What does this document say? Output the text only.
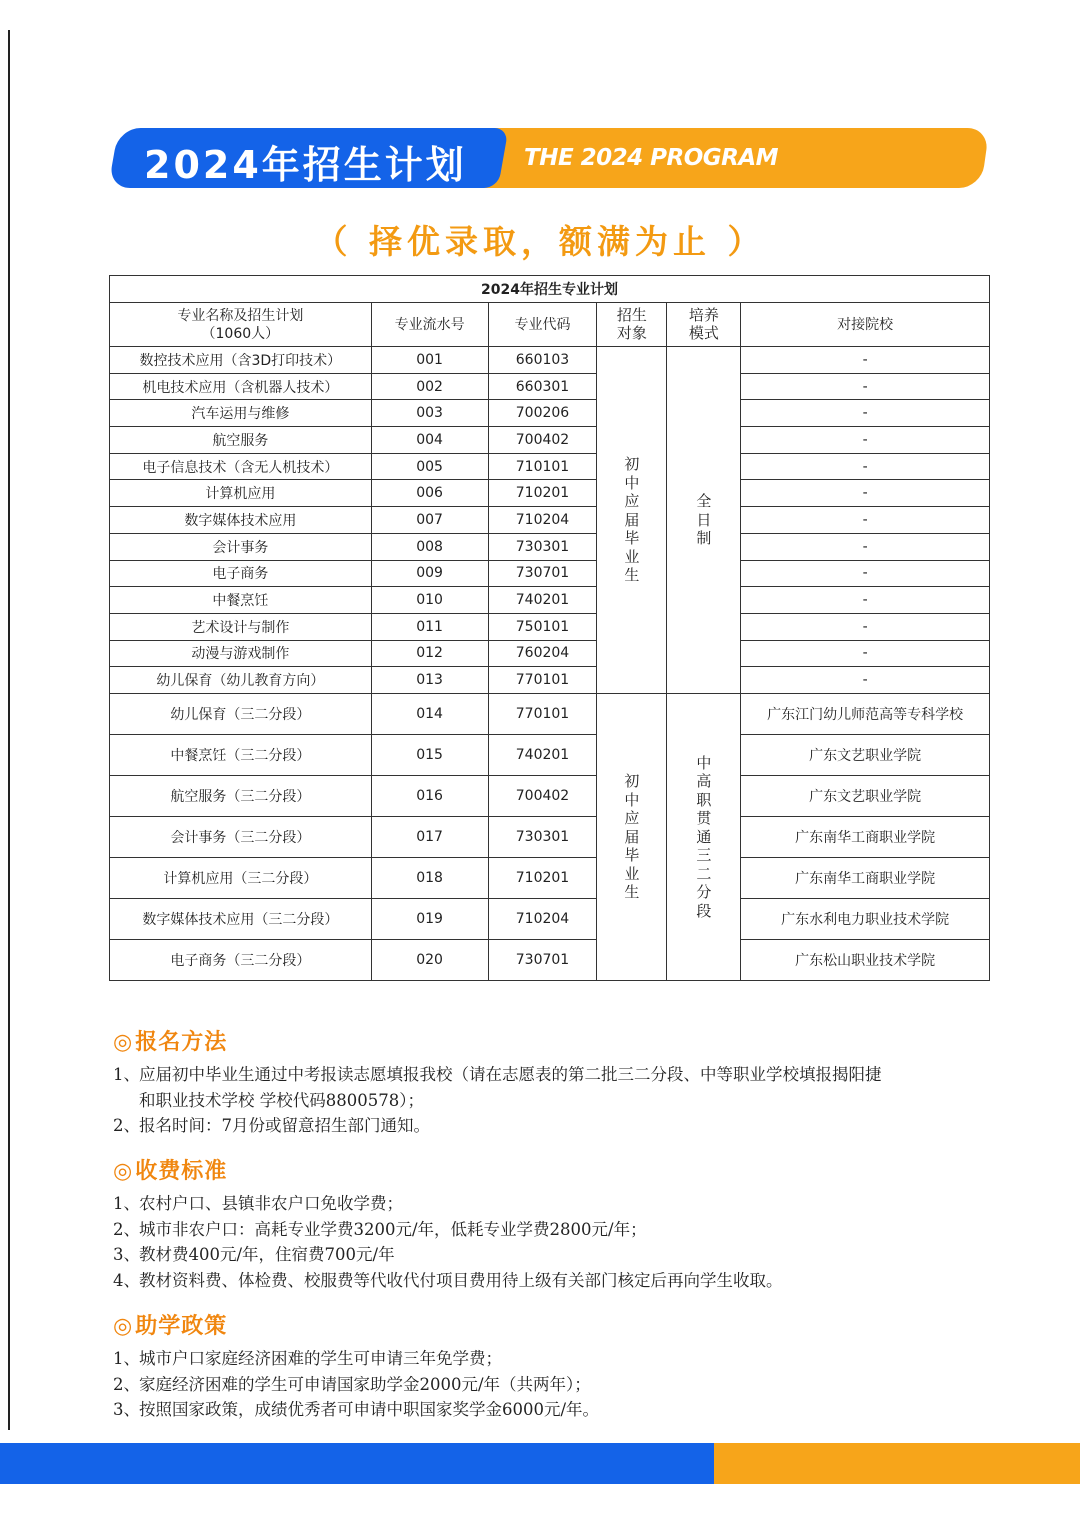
2024年招生计划 THE 2024 PROGRAM
（ 择优录取，额满为止 ）
2024年招生专业计划					
专业名称及招生计划
（1060人）	专业流水号	专业代码	招生对象	培养模式	对接院校
数控技术应用（含3D打印技术）	001	660103	初中应届毕业生	全日制	-
机电技术应用（含机器人技术）	002	660301			-
汽车运用与维修	003	700206			-
航空服务	004	700402			-
电子信息技术（含无人机技术）	005	710101			-
计算机应用	006	710201			-
数字媒体技术应用	007	710204			-
会计事务	008	730301			-
电子商务	009	730701			-
中餐烹饪	010	740201			-
艺术设计与制作	011	750101			-
动漫与游戏制作	012	760204			-
幼儿保育（幼儿教育方向）	013	770101			-
幼儿保育（三二分段）	014	770101	初中应届毕业生	中高职贯通三二分段	广东江门幼儿师范高等专科学校
中餐烹饪（三二分段）	015	740201			广东文艺职业学院
航空服务（三二分段）	016	700402			广东文艺职业学院
会计事务（三二分段）	017	730301			广东南华工商职业学院
计算机应用（三二分段）	018	710201			广东南华工商职业学院
数字媒体技术应用（三二分段）	019	710204			广东水利电力职业技术学院
电子商务（三二分段）	020	730701			广东松山职业技术学院
◎报名方法
1、应届初中毕业生通过中考报读志愿填报我校（请在志愿表的第二批三二分段、中等职业学校填报揭阳捷
和职业技术学校 学校代码8800578）；
2、报名时间：7月份或留意招生部门通知。
◎收费标准
1、农村户口、县镇非农户口免收学费；
2、城市非农户口：高耗专业学费3200元/年，低耗专业学费2800元/年；
3、教材费400元/年，住宿费700元/年
4、教材资料费、体检费、校服费等代收代付项目费用待上级有关部门核定后再向学生收取。
◎助学政策
1、城市户口家庭经济困难的学生可申请三年免学费；
2、家庭经济困难的学生可申请国家助学金2000元/年（共两年）；
3、按照国家政策，成绩优秀者可申请中职国家奖学金6000元/年。
